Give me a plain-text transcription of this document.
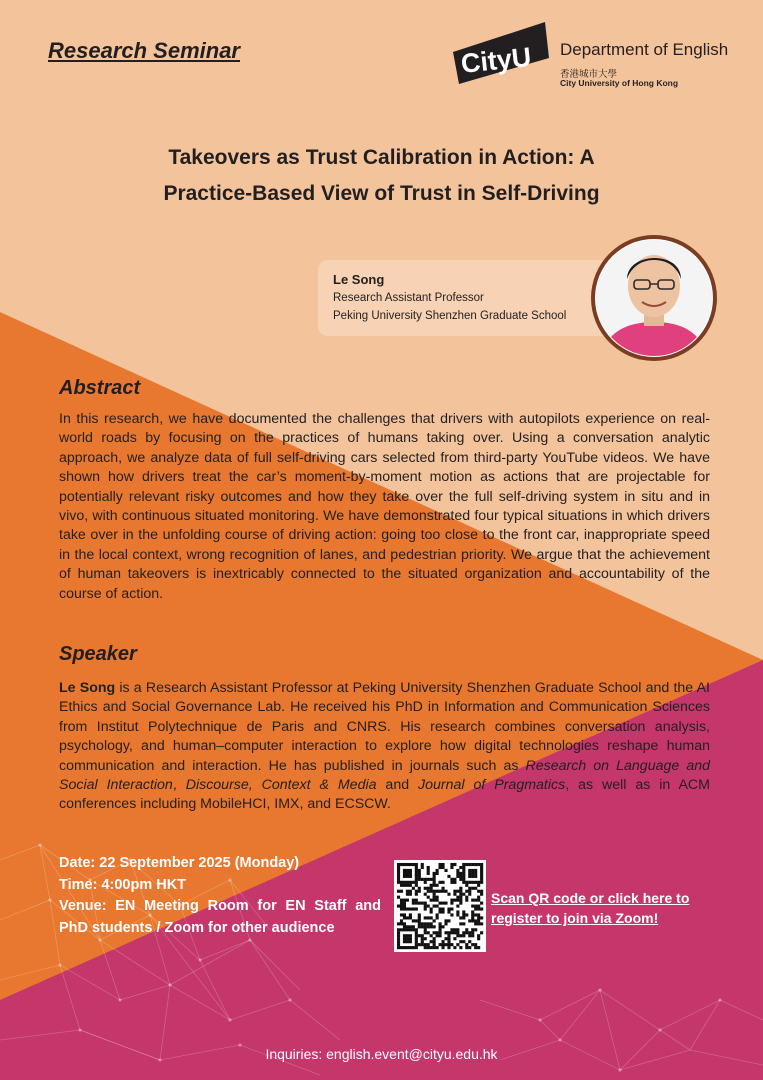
Research Seminar	CityU Department of English
香港城市大學
City University of Hong Kong
Takeovers as Trust Calibration in Action: A
Practice-Based View of Trust in Self-Driving
Le Song
Research Assistant Professor
Peking University Shenzhen Graduate School
Abstract
In this research, we have documented the challenges that drivers with autopilots experience on real-world roads by focusing on the practices of humans taking over. Using a conversation analytic approach, we analyze data of full self-driving cars selected from third-party YouTube videos. We have shown how drivers treat the car’s moment-by-moment motion as actions that are projectable for potentially relevant risky outcomes and how they take over the full self-driving system in situ and in vivo, with continuous situated monitoring. We have demonstrated four typical situations in which drivers take over in the unfolding course of driving action: going too close to the front car, inappropriate speed in the local context, wrong recognition of lanes, and pedestrian priority. We argue that the achievement of human takeovers is inextricably connected to the situated organization and accountability of the course of action.
Speaker
Le Song is a Research Assistant Professor at Peking University Shenzhen Graduate School and the AI Ethics and Social Governance Lab. He received his PhD in Information and Communication Sciences from Institut Polytechnique de Paris and CNRS. His research combines conversation analysis, psychology, and human–computer interaction to explore how digital technologies reshape human communication and interaction. He has published in journals such as Research on Language and Social Interaction, Discourse, Context & Media and Journal of Pragmatics, as well as in ACM conferences including MobileHCI, IMX, and ECSCW.
Date: 22 September 2025 (Monday)
Time: 4:00pm HKT
Venue: EN Meeting Room for EN Staff and PhD students / Zoom for other audience
Scan QR code or click here to register to join via Zoom!
Inquiries: english.event@cityu.edu.hk
